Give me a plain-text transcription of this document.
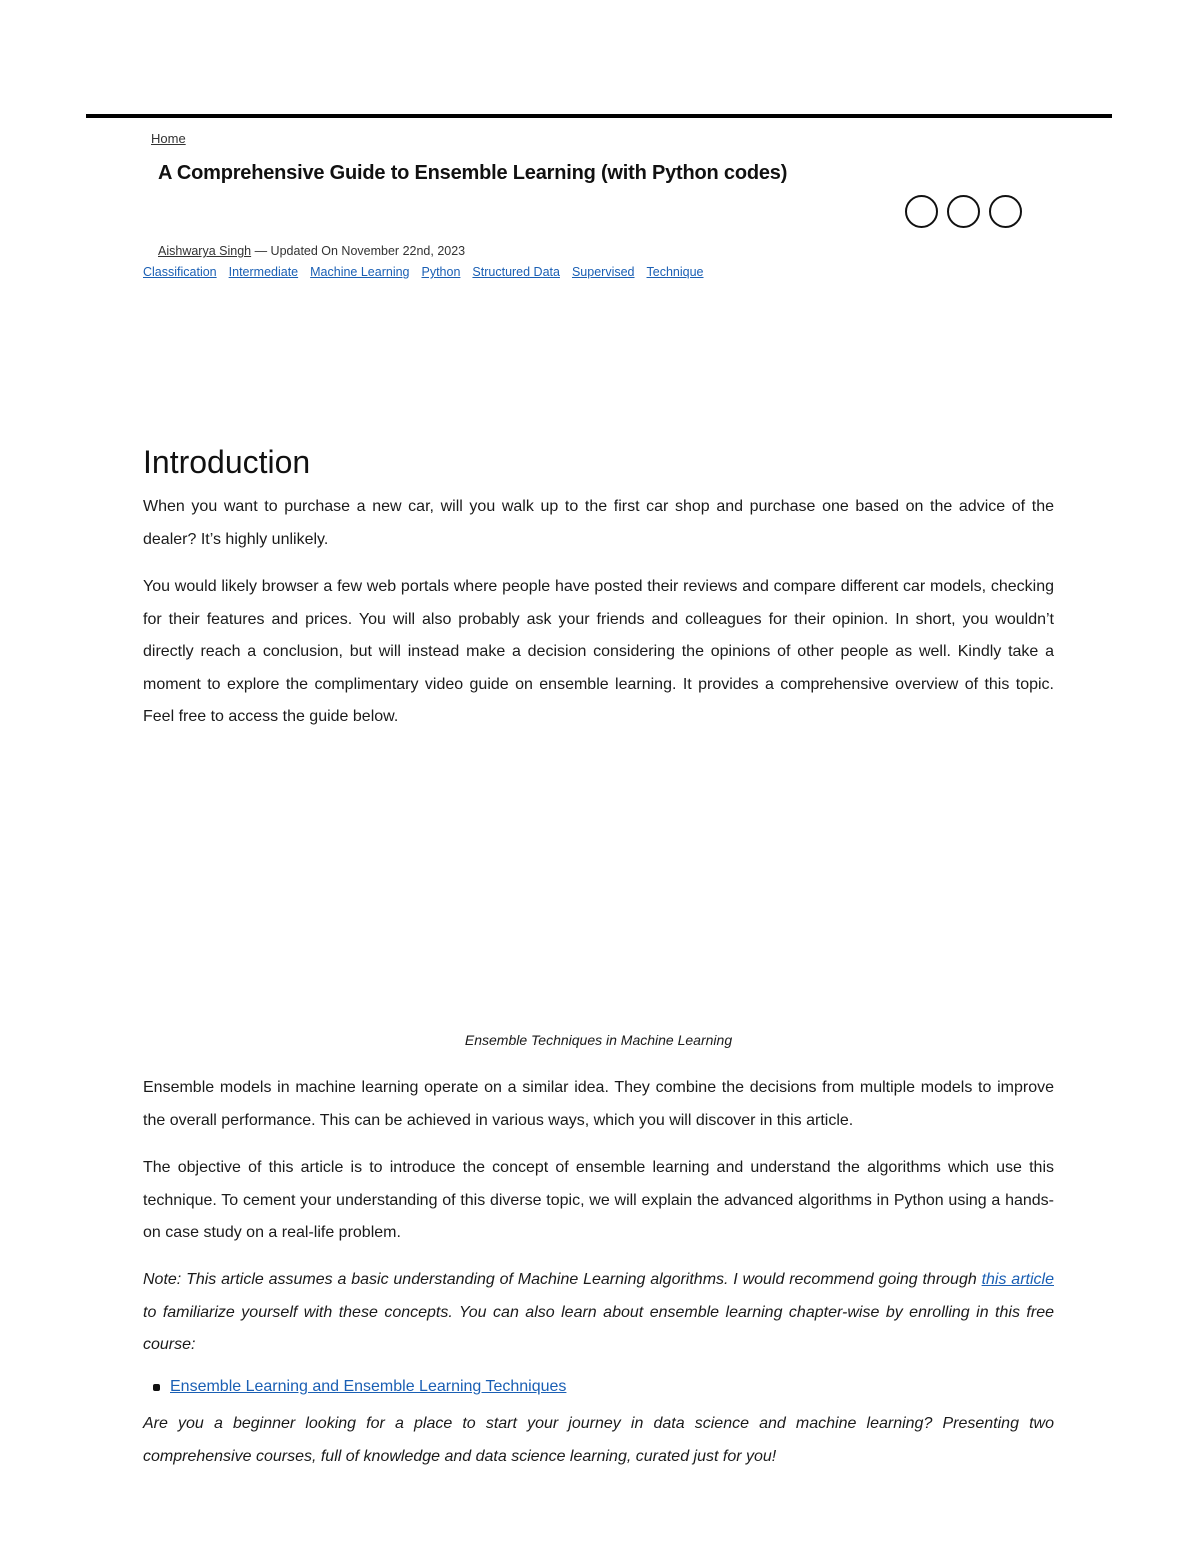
Home
A Comprehensive Guide to Ensemble Learning (with Python codes)
Aishwarya Singh — Updated On November 22nd, 2023
Classification Intermediate Machine Learning Python Structured Data Supervised Technique
Introduction

When you want to purchase a new car, will you walk up to the first car shop and purchase one based on the advice of the dealer? It’s highly unlikely.

You would likely browser a few web portals where people have posted their reviews and compare different car models, checking for their features and prices. You will also probably ask your friends and colleagues for their opinion. In short, you wouldn’t directly reach a conclusion, but will instead make a decision considering the opinions of other people as well. Kindly take a moment to explore the complimentary video guide on ensemble learning. It provides a comprehensive overview of this topic. Feel free to access the guide below.

Ensemble Techniques in Machine Learning

Ensemble models in machine learning operate on a similar idea. They combine the decisions from multiple models to improve the overall performance. This can be achieved in various ways, which you will discover in this article.

The objective of this article is to introduce the concept of ensemble learning and understand the algorithms which use this technique. To cement your understanding of this diverse topic, we will explain the advanced algorithms in Python using a hands-on case study on a real-life problem.

Note: This article assumes a basic understanding of Machine Learning algorithms. I would recommend going through this article to familiarize yourself with these concepts. You can also learn about ensemble learning chapter-wise by enrolling in this free course:

Ensemble Learning and Ensemble Learning Techniques

Are you a beginner looking for a place to start your journey in data science and machine learning? Presenting two comprehensive courses, full of knowledge and data science learning, curated just for you!
